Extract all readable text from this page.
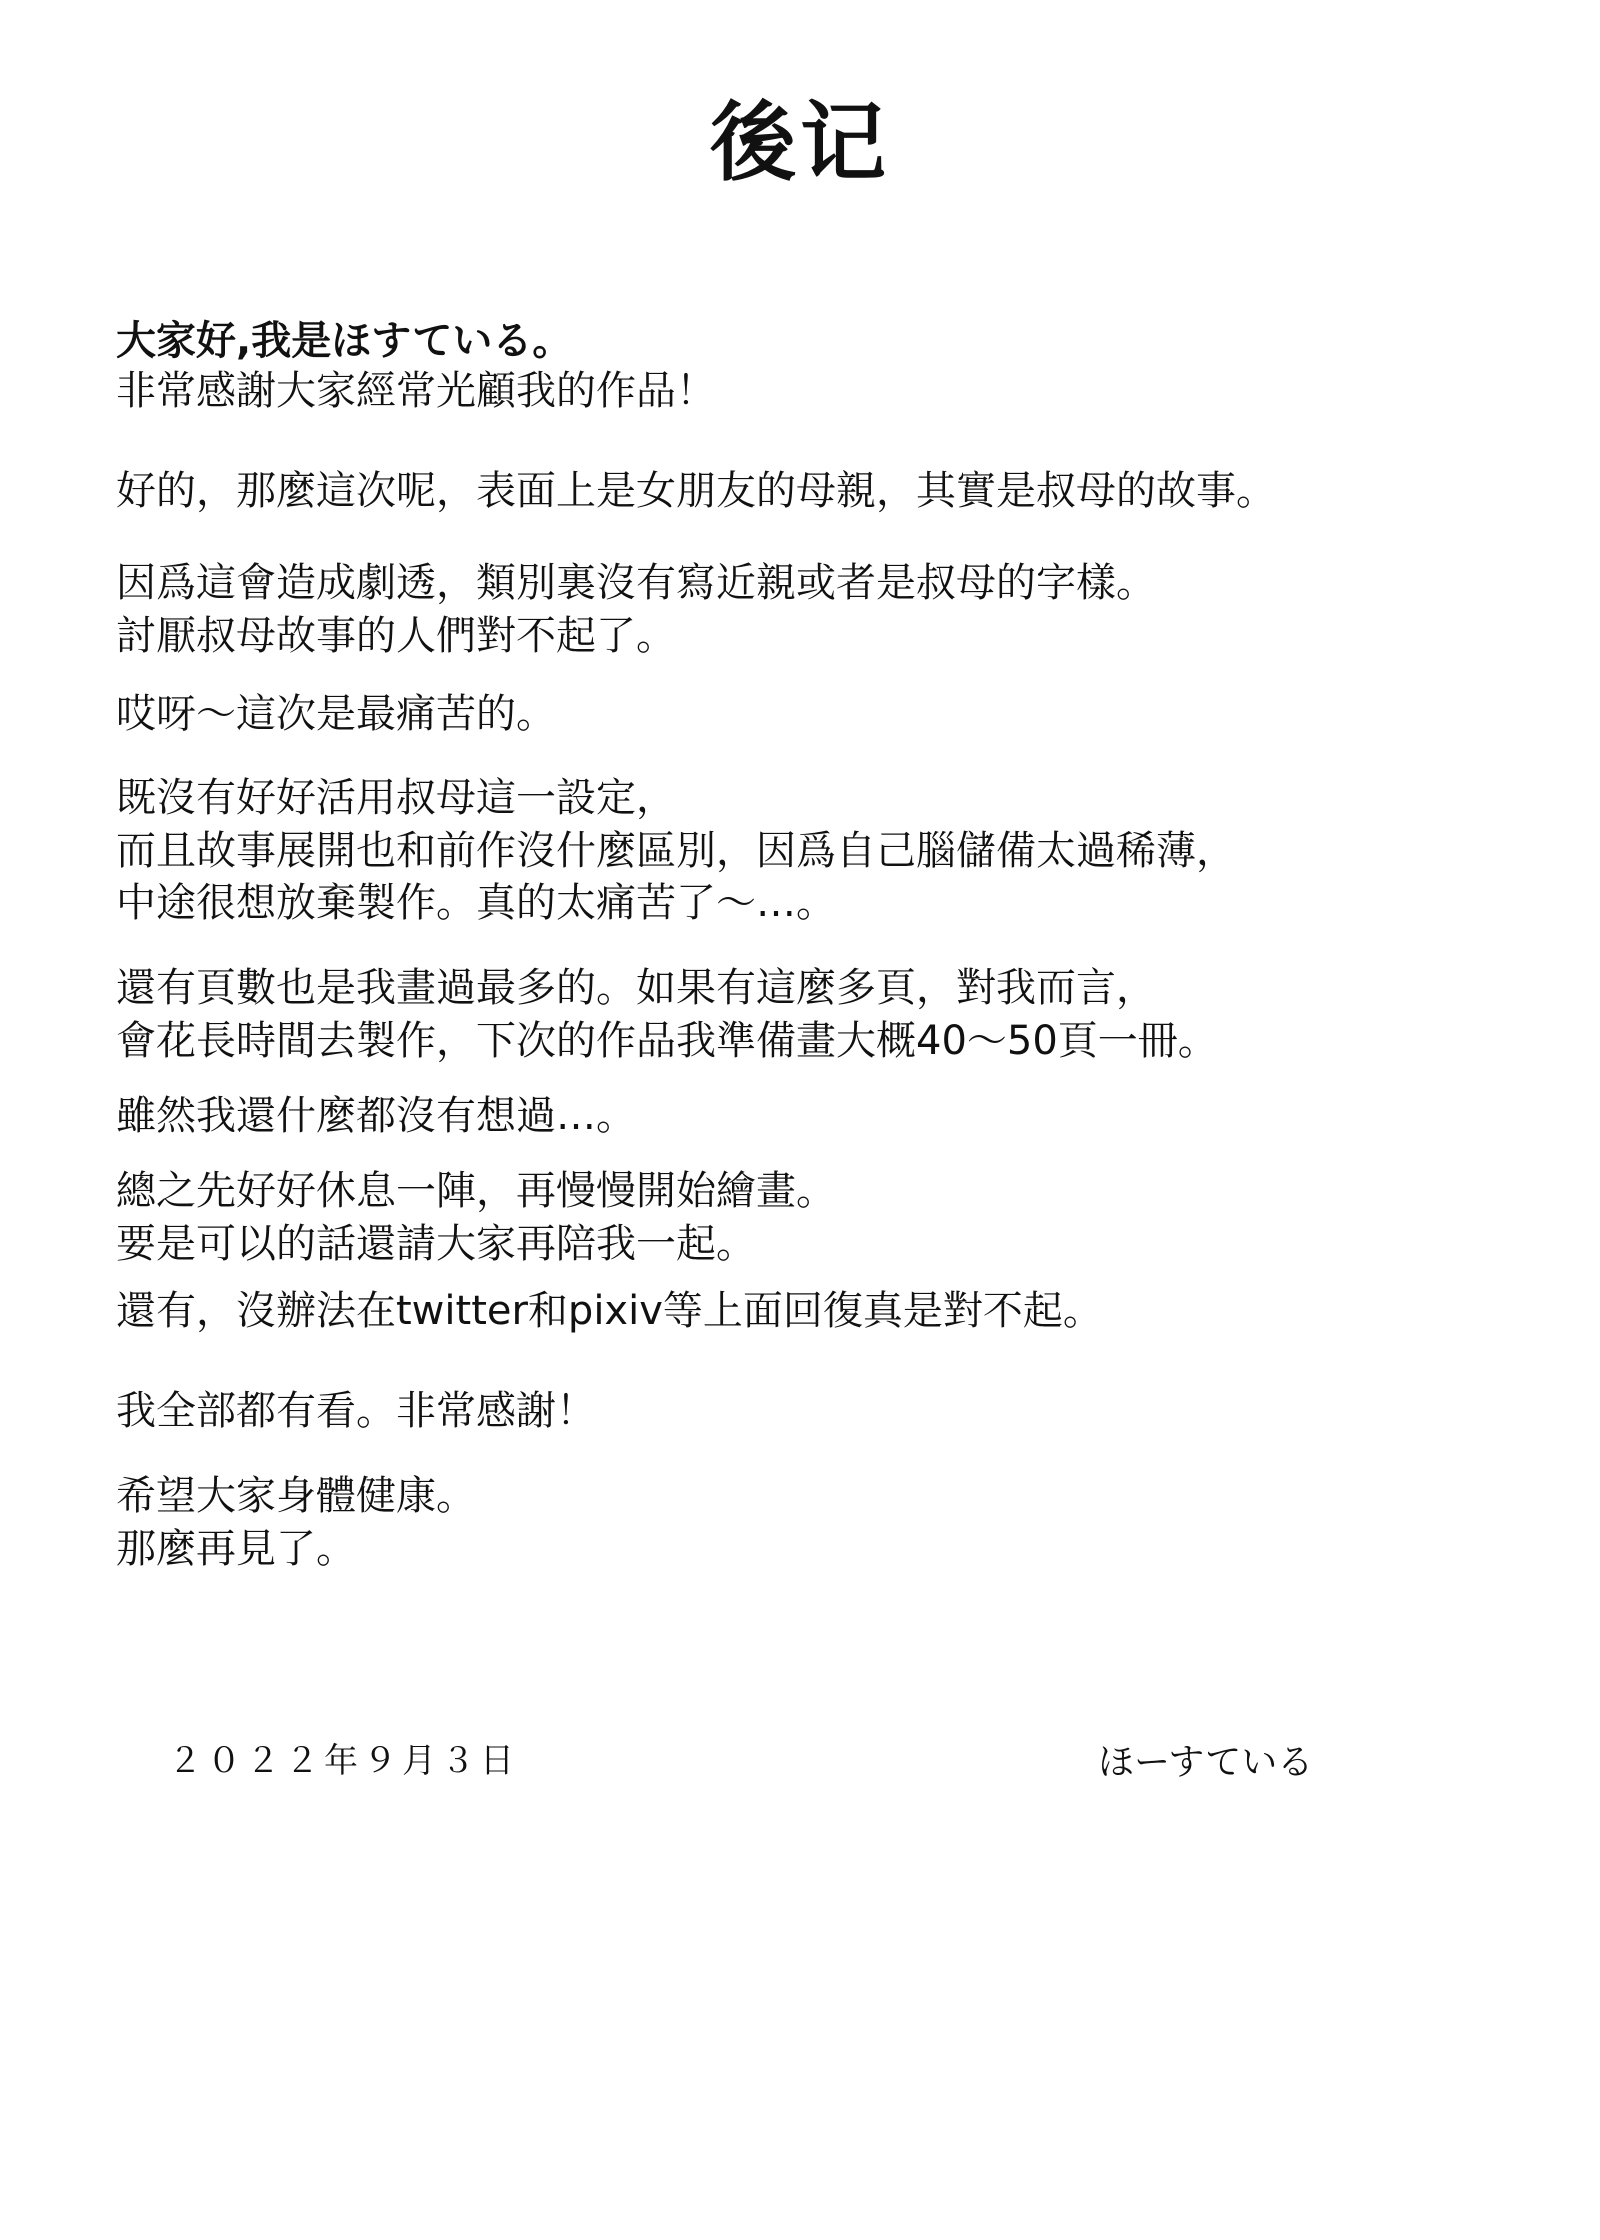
後记
大家好,我是ほすている。
非常感謝大家經常光顧我的作品！
好的，那麼這次呢，表面上是女朋友的母親，其實是叔母的故事。
因爲這會造成劇透，類別裏沒有寫近親或者是叔母的字樣。
討厭叔母故事的人們對不起了。
哎呀～這次是最痛苦的。
既沒有好好活用叔母這一設定，
而且故事展開也和前作沒什麼區別，因爲自己腦儲備太過稀薄，
中途很想放棄製作。真的太痛苦了～…。
還有頁數也是我畫過最多的。如果有這麼多頁，對我而言，
會花長時間去製作，下次的作品我準備畫大概40～50頁一冊。
雖然我還什麼都沒有想過…。
總之先好好休息一陣，再慢慢開始繪畫。
要是可以的話還請大家再陪我一起。
還有，沒辦法在twitter和pixiv等上面回復真是對不起。
我全部都有看。非常感謝！
希望大家身體健康。
那麼再見了。
２０２２年９月３日	ほーすている
